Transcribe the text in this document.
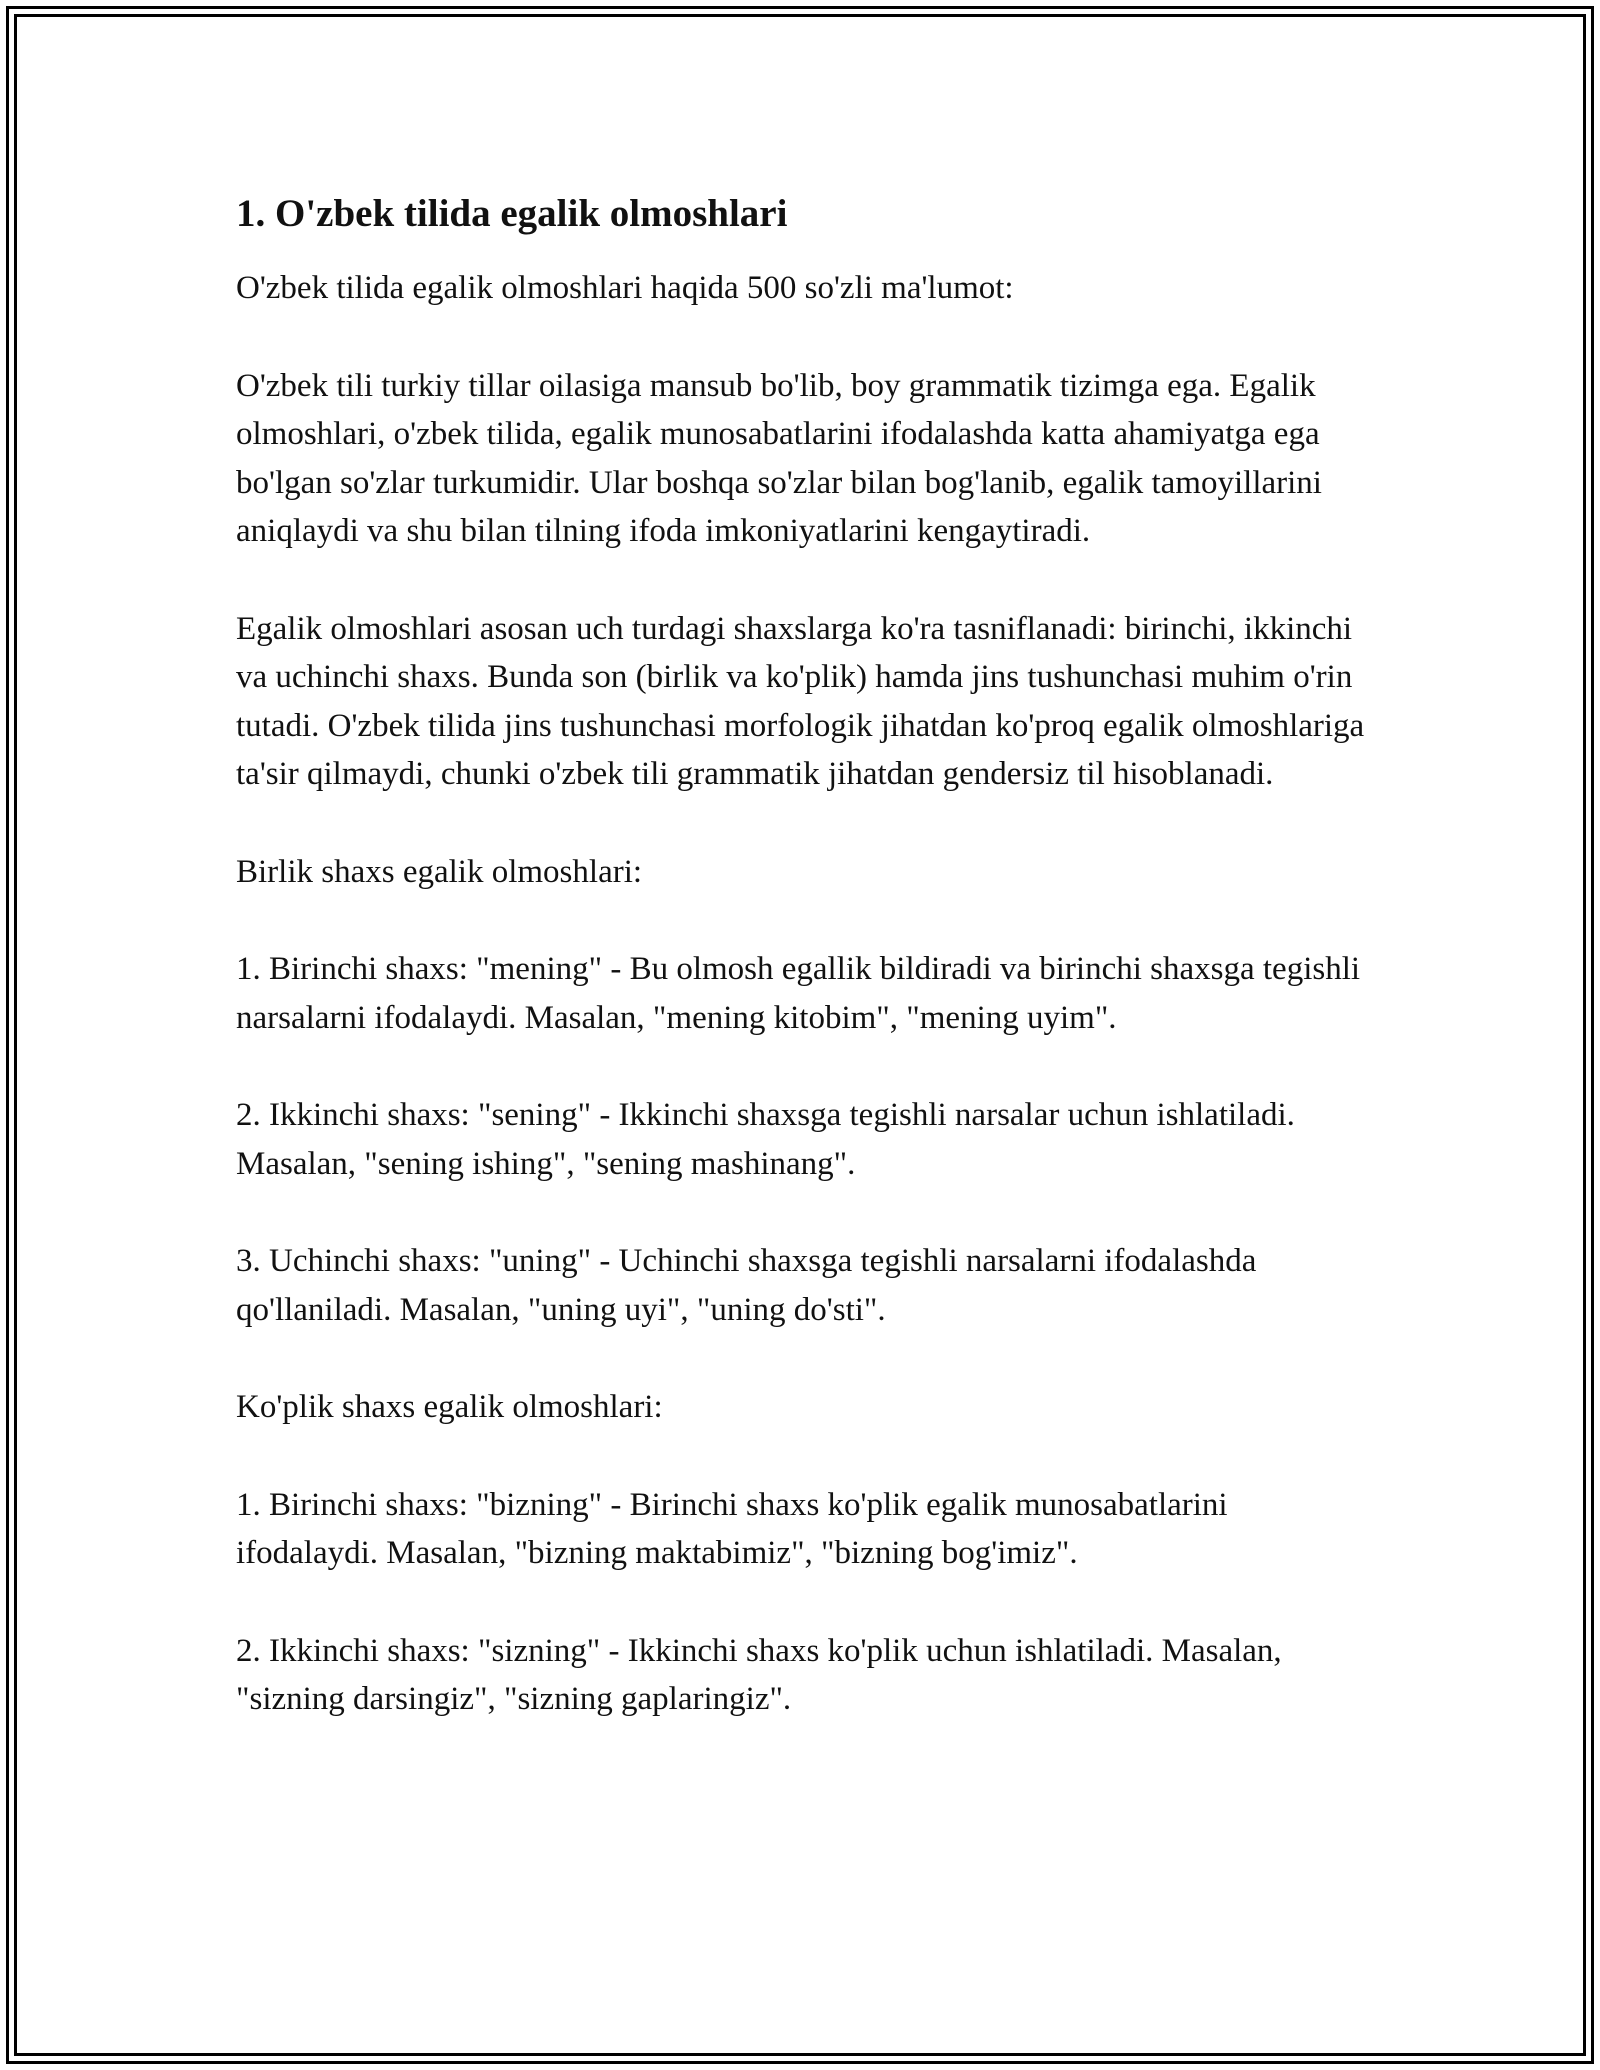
1. O'zbek tilida egalik olmoshlari

O'zbek tilida egalik olmoshlari haqida 500 so'zli ma'lumot:

O'zbek tili turkiy tillar oilasiga mansub bo'lib, boy grammatik tizimga ega. Egalik olmoshlari, o'zbek tilida, egalik munosabatlarini ifodalashda katta ahamiyatga ega bo'lgan so'zlar turkumidir. Ular boshqa so'zlar bilan bog'lanib, egalik tamoyillarini aniqlaydi va shu bilan tilning ifoda imkoniyatlarini kengaytiradi.

Egalik olmoshlari asosan uch turdagi shaxslarga ko'ra tasniflanadi: birinchi, ikkinchi va uchinchi shaxs. Bunda son (birlik va ko'plik) hamda jins tushunchasi muhim o'rin tutadi. O'zbek tilida jins tushunchasi morfologik jihatdan ko'proq egalik olmoshlariga ta'sir qilmaydi, chunki o'zbek tili grammatik jihatdan gendersiz til hisoblanadi.

Birlik shaxs egalik olmoshlari:

1. Birinchi shaxs: "mening" - Bu olmosh egallik bildiradi va birinchi shaxsga tegishli narsalarni ifodalaydi. Masalan, "mening kitobim", "mening uyim".

2. Ikkinchi shaxs: "sening" - Ikkinchi shaxsga tegishli narsalar uchun ishlatiladi. Masalan, "sening ishing", "sening mashinang".

3. Uchinchi shaxs: "uning" - Uchinchi shaxsga tegishli narsalarni ifodalashda qo'llaniladi. Masalan, "uning uyi", "uning do'sti".

Ko'plik shaxs egalik olmoshlari:

1. Birinchi shaxs: "bizning" - Birinchi shaxs ko'plik egalik munosabatlarini ifodalaydi. Masalan, "bizning maktabimiz", "bizning bog'imiz".

2. Ikkinchi shaxs: "sizning" - Ikkinchi shaxs ko'plik uchun ishlatiladi. Masalan, "sizning darsingiz", "sizning gaplaringiz".
